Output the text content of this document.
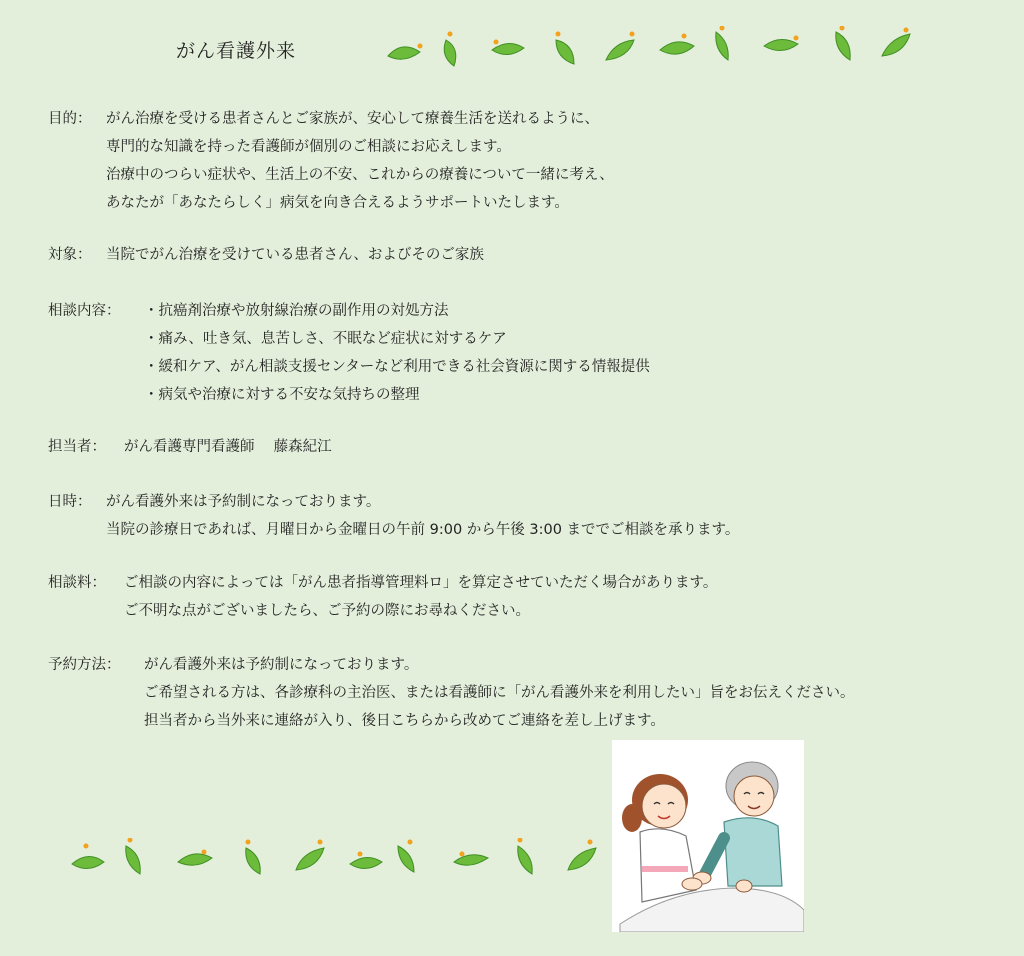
がん看護外来
目的： がん治療を受ける患者さんとご家族が、安心して療養生活を送れるように、
専門的な知識を持った看護師が個別のご相談にお応えします。
治療中のつらい症状や、生活上の不安、これからの療養について一緒に考え、
あなたが「あなたらしく」病気を向き合えるようサポートいたします。
対象： 当院でがん治療を受けている患者さん、およびそのご家族
相談内容： ・抗癌剤治療や放射線治療の副作用の対処方法
・痛み、吐き気、息苦しさ、不眠など症状に対するケア
・緩和ケア、がん相談支援センターなど利用できる社会資源に関する情報提供
・病気や治療に対する不安な気持ちの整理
担当者： がん看護専門看護師　 藤森紀江
日時： がん看護外来は予約制になっております。
当院の診療日であれば、月曜日から金曜日の午前 9:00 から午後 3:00 まででご相談を承ります。
相談料： ご相談の内容によっては「がん患者指導管理料ロ」を算定させていただく場合があります。
ご不明な点がございましたら、ご予約の際にお尋ねください。
予約方法： がん看護外来は予約制になっております。
ご希望される方は、各診療科の主治医、または看護師に「がん看護外来を利用したい」旨をお伝えください。
担当者から当外来に連絡が入り、後日こちらから改めてご連絡を差し上げます。
